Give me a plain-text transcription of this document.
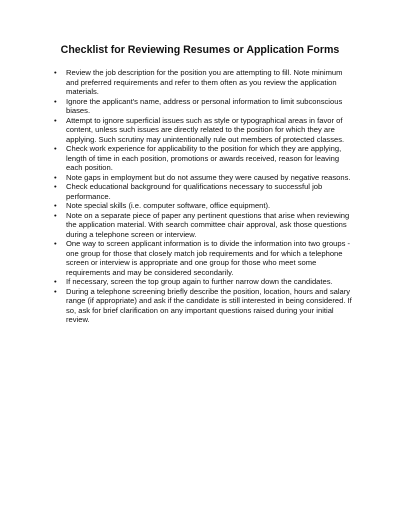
Checklist for Reviewing Resumes or Application Forms
• Review the job description for the position you are attempting to fill. Note minimum and preferred requirements and refer to them often as you review the application materials.
• Ignore the applicant's name, address or personal information to limit subconscious biases.
• Attempt to ignore superficial issues such as style or typographical areas in favor of content, unless such issues are directly related to the position for which they are applying. Such scrutiny may unintentionally rule out members of protected classes.
• Check work experience for applicability to the position for which they are applying, length of time in each position, promotions or awards received, reason for leaving each position.
• Note gaps in employment but do not assume they were caused by negative reasons.
• Check educational background for qualifications necessary to successful job performance.
• Note special skills (i.e. computer software, office equipment).
• Note on a separate piece of paper any pertinent questions that arise when reviewing the application material. With search committee chair approval, ask those questions during a telephone screen or interview.
• One way to screen applicant information is to divide the information into two groups - one group for those that closely match job requirements and for which a telephone screen or interview is appropriate and one group for those who meet some requirements and may be considered secondarily.
• If necessary, screen the top group again to further narrow down the candidates.
• During a telephone screening briefly describe the position, location, hours and salary range (if appropriate) and ask if the candidate is still interested in being considered. If so, ask for brief clarification on any important questions raised during your initial review.
